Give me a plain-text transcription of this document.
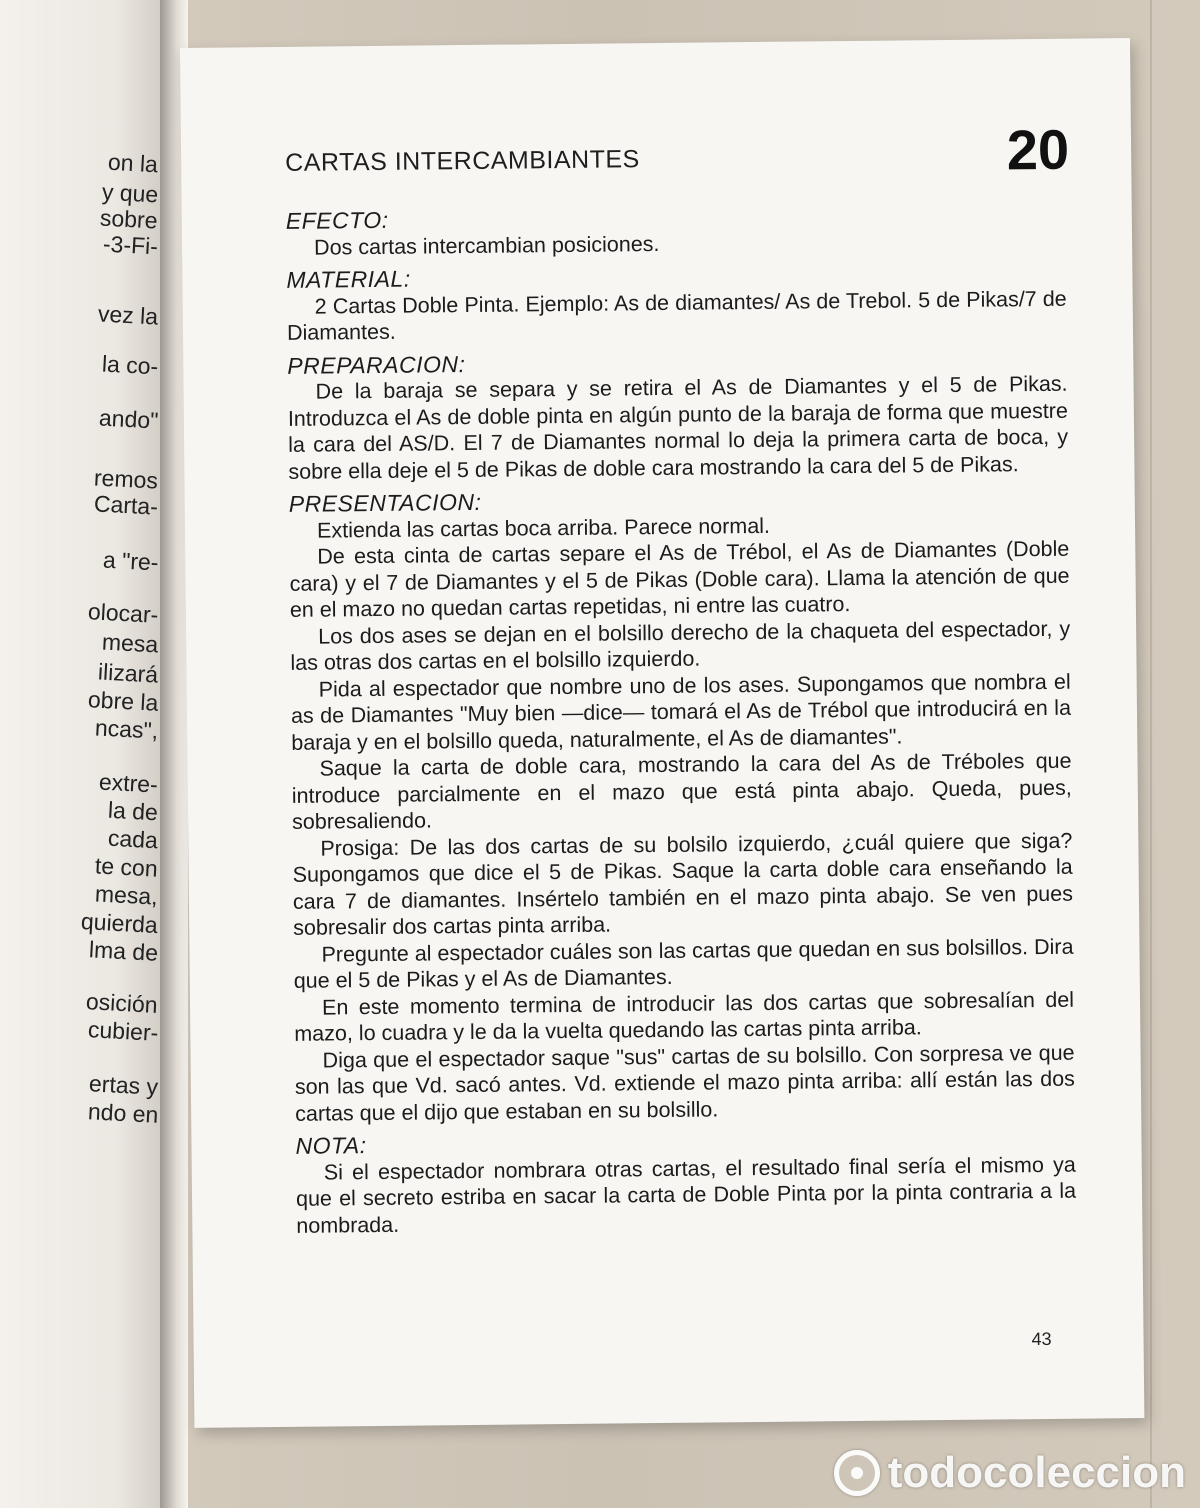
on la
y que
sobre
-3-Fi-
vez la
la co-
ando"
remos
Carta-
a "re-
olocar-
mesa
ilizará
obre la
ncas",
extre-
la de
cada
te con
mesa,
quierda
lma de
osición
cubier-
ertas y
ndo en
CARTAS INTERCAMBIANTES	20
EFECTO:

Dos cartas intercambian posiciones.

MATERIAL:

2 Cartas Doble Pinta. Ejemplo: As de diamantes/ As de Trebol. 5 de Pikas/7 de Diamantes.

PREPARACION:

De la baraja se separa y se retira el As de Diamantes y el 5 de Pikas. Introduzca el As de doble pinta en algún punto de la baraja de forma que muestre la cara del AS/D. El 7 de Diamantes normal lo deja la primera carta de boca, y sobre ella deje el 5 de Pikas de doble cara mostrando la cara del 5 de Pikas.

PRESENTACION:

Extienda las cartas boca arriba. Parece normal.

De esta cinta de cartas separe el As de Trébol, el As de Diamantes (Doble cara) y el 7 de Diamantes y el 5 de Pikas (Doble cara). Llama la atención de que en el mazo no quedan cartas repetidas, ni entre las cuatro.

Los dos ases se dejan en el bolsillo derecho de la chaqueta del espectador, y las otras dos cartas en el bolsillo izquierdo.

Pida al espectador que nombre uno de los ases. Supongamos que nombra el as de Diamantes "Muy bien —dice— tomará el As de Trébol que introducirá en la baraja y en el bolsillo queda, naturalmente, el As de diamantes".

Saque la carta de doble cara, mostrando la cara del As de Tréboles que introduce parcialmente en el mazo que está pinta abajo. Queda, pues, sobresaliendo.

Prosiga: De las dos cartas de su bolsilo izquierdo, ¿cuál quiere que siga? Supongamos que dice el 5 de Pikas. Saque la carta doble cara enseñando la cara 7 de diamantes. Insértelo también en el mazo pinta abajo. Se ven pues sobresalir dos cartas pinta arriba.

Pregunte al espectador cuáles son las cartas que quedan en sus bolsillos. Dira que el 5 de Pikas y el As de Diamantes.

En este momento termina de introducir las dos cartas que sobresalían del mazo, lo cuadra y le da la vuelta quedando las cartas pinta arriba.

Diga que el espectador saque "sus" cartas de su bolsillo. Con sorpresa ve que son las que Vd. sacó antes. Vd. extiende el mazo pinta arriba: allí están las dos cartas que el dijo que estaban en su bolsillo.

NOTA:

Si el espectador nombrara otras cartas, el resultado final sería el mismo ya que el secreto estriba en sacar la carta de Doble Pinta por la pinta contraria a la nombrada.

43
todocoleccion
